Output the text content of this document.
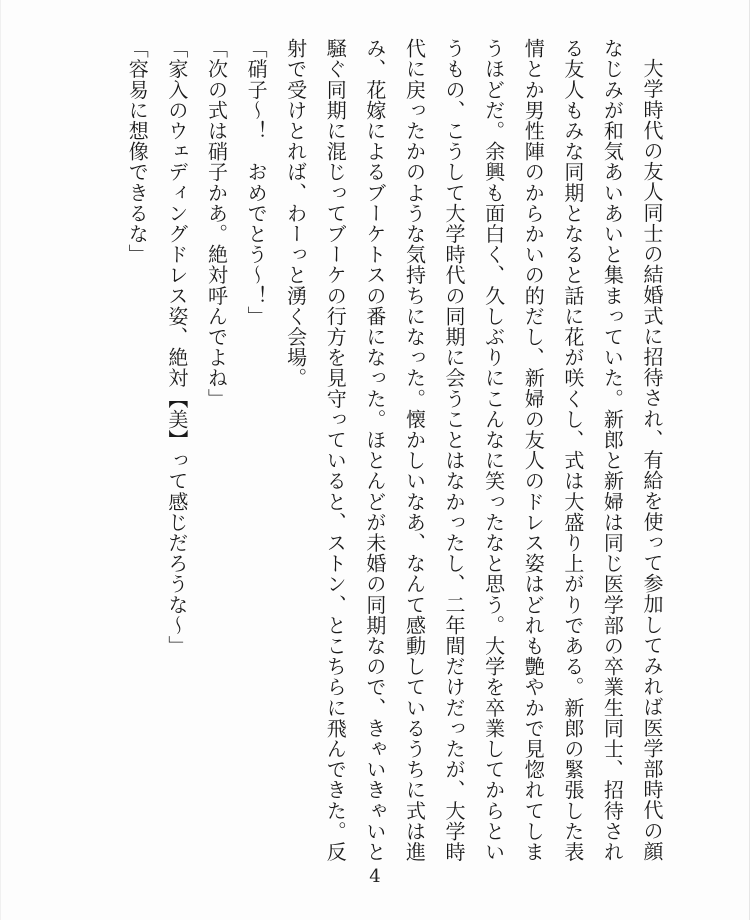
大学時代の友人同士の結婚式に招待され、有給を使って参加してみれば医学部時代の顔なじみが和気あいあいと集まっていた。新郎と新婦は同じ医学部の卒業生同士、招待される友人もみな同期となると話に花が咲くし、式は大盛り上がりである。新郎の緊張した表情とか男性陣のからかいの的だし、新婦の友人のドレス姿はどれも艶やかで見惚れてしまうほどだ。余興も面白く、久しぶりにこんなに笑ったなと思う。大学を卒業してからというもの、こうして大学時代の同期に会うことはなかったし、二年間だけだったが、大学時代に戻ったかのような気持ちになった。懐かしいなあ、なんて感動しているうちに式は進み、花嫁によるブーケトスの番になった。ほとんどが未婚の同期なので、きゃいきゃいと騒ぐ同期に混じってブーケの行方を見守っていると、ストン、とこちらに飛んできた。反射で受けとれば、わーっと湧く会場。

「硝子〜！　おめでとう〜！」

「次の式は硝子かあ。絶対呼んでよね」

「家入のウェディングドレス姿、絶対【美】って感じだろうな〜」

「容易に想像できるな」

4
